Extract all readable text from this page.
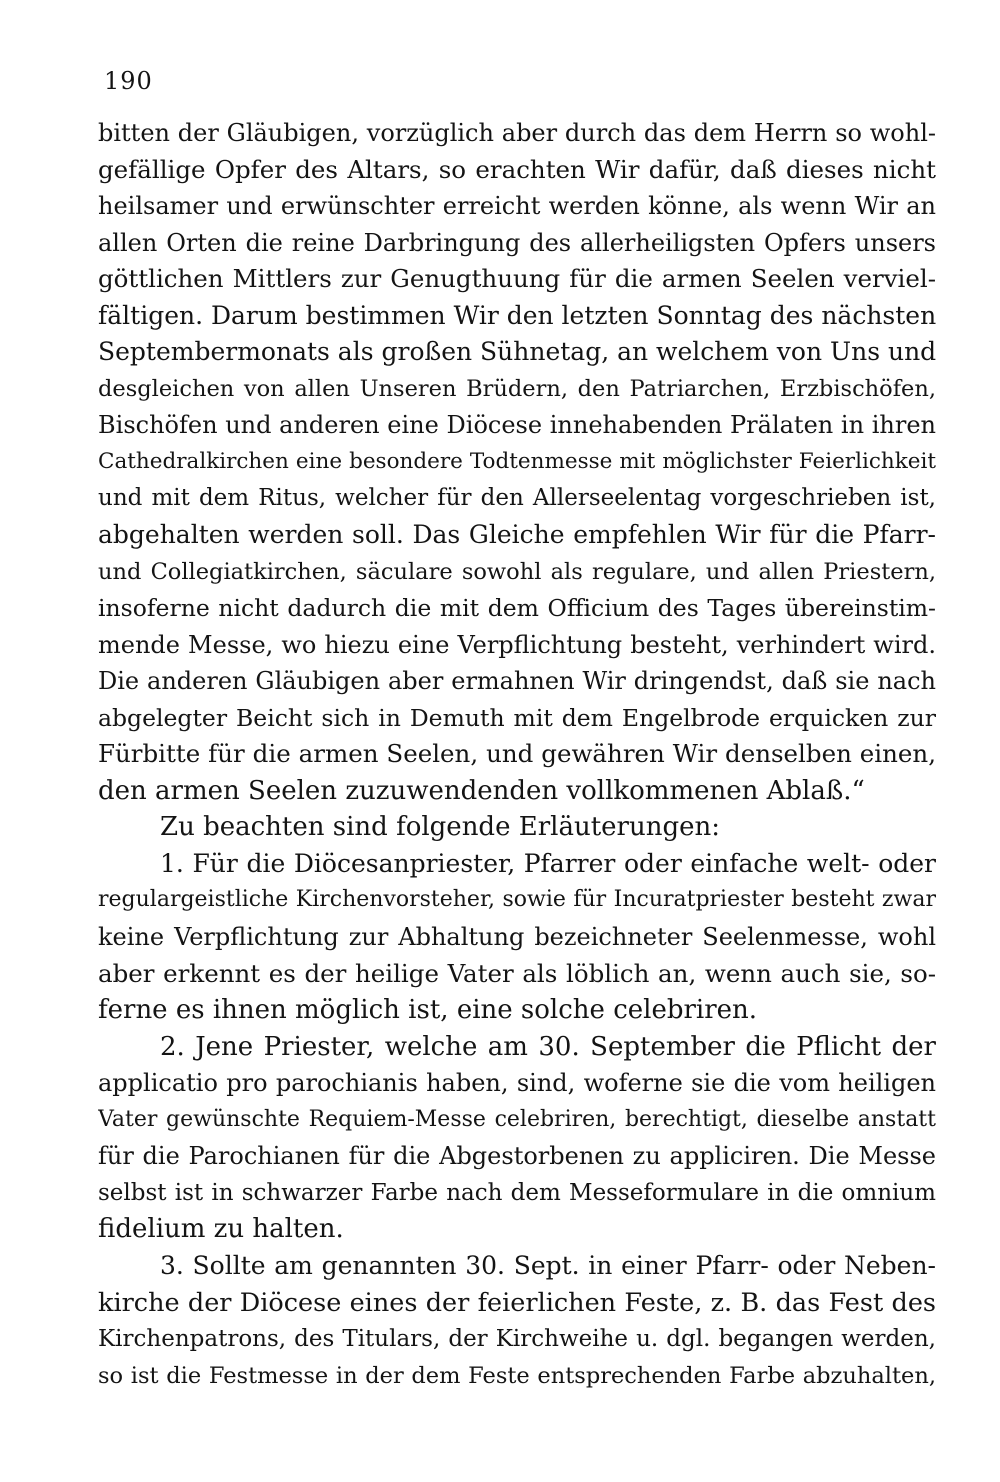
190
bitten der Gläubigen, vorzüglich aber durch das dem Herrn so wohl-
gefällige Opfer des Altars, so erachten Wir dafür, daß dieses nicht
heilsamer und erwünschter erreicht werden könne, als wenn Wir an
allen Orten die reine Darbringung des allerheiligsten Opfers unsers
göttlichen Mittlers zur Genugthuung für die armen Seelen verviel-
fältigen. Darum bestimmen Wir den letzten Sonntag des nächsten
Septembermonats als großen Sühnetag, an welchem von Uns und
desgleichen von allen Unseren Brüdern, den Patriarchen, Erzbischöfen,
Bischöfen und anderen eine Diöcese innehabenden Prälaten in ihren
Cathedralkirchen eine besondere Todtenmesse mit möglichster Feierlichkeit
und mit dem Ritus, welcher für den Allerseelentag vorgeschrieben ist,
abgehalten werden soll. Das Gleiche empfehlen Wir für die Pfarr-
und Collegiatkirchen, säculare sowohl als regulare, und allen Priestern,
insoferne nicht dadurch die mit dem Officium des Tages übereinstim-
mende Messe, wo hiezu eine Verpflichtung besteht, verhindert wird.
Die anderen Gläubigen aber ermahnen Wir dringendst, daß sie nach
abgelegter Beicht sich in Demuth mit dem Engelbrode erquicken zur
Fürbitte für die armen Seelen, und gewähren Wir denselben einen,
den armen Seelen zuzuwendenden vollkommenen Ablaß.“
Zu beachten sind folgende Erläuterungen:
1. Für die Diöcesanpriester, Pfarrer oder einfache welt- oder
regulargeistliche Kirchenvorsteher, sowie für Incuratpriester besteht zwar
keine Verpflichtung zur Abhaltung bezeichneter Seelenmesse, wohl
aber erkennt es der heilige Vater als löblich an, wenn auch sie, so-
ferne es ihnen möglich ist, eine solche celebriren.
2. Jene Priester, welche am 30. September die Pflicht der
applicatio pro parochianis haben, sind, woferne sie die vom heiligen
Vater gewünschte Requiem-Messe celebriren, berechtigt, dieselbe anstatt
für die Parochianen für die Abgestorbenen zu appliciren. Die Messe
selbst ist in schwarzer Farbe nach dem Messeformulare in die omnium
fidelium zu halten.
3. Sollte am genannten 30. Sept. in einer Pfarr- oder Neben-
kirche der Diöcese eines der feierlichen Feste, z. B. das Fest des
Kirchenpatrons, des Titulars, der Kirchweihe u. dgl. begangen werden,
so ist die Festmesse in der dem Feste entsprechenden Farbe abzuhalten,
